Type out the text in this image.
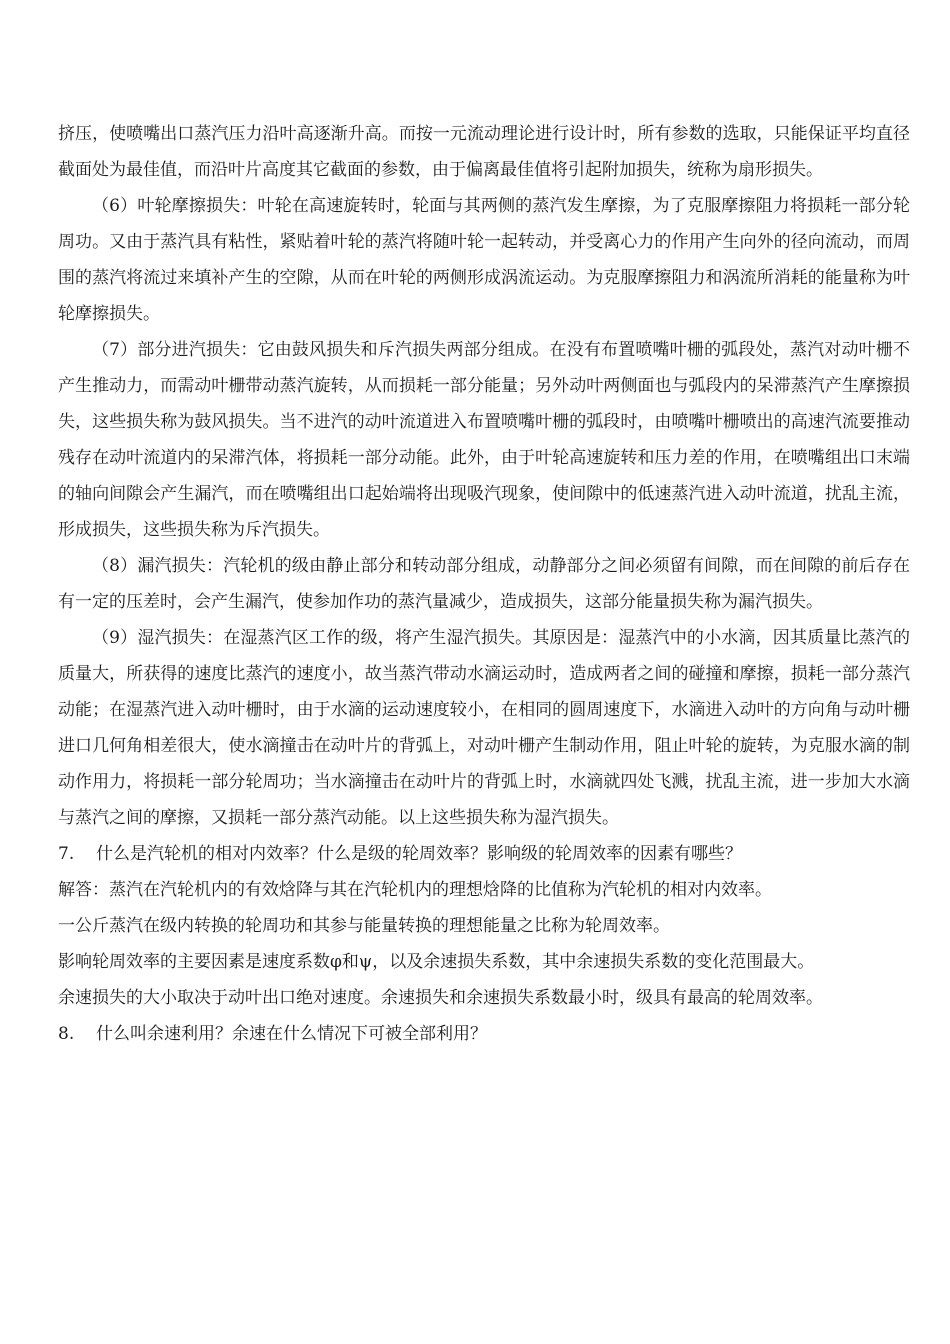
挤压，使喷嘴出口蒸汽压力沿叶高逐渐升高。而按一元流动理论进行设计时，所有参数的选取，只能保证平均直径截面处为最佳值，而沿叶片高度其它截面的参数，由于偏离最佳值将引起附加损失，统称为扇形损失。

（6）叶轮摩擦损失：叶轮在高速旋转时，轮面与其两侧的蒸汽发生摩擦，为了克服摩擦阻力将损耗一部分轮周功。又由于蒸汽具有粘性，紧贴着叶轮的蒸汽将随叶轮一起转动，并受离心力的作用产生向外的径向流动，而周围的蒸汽将流过来填补产生的空隙，从而在叶轮的两侧形成涡流运动。为克服摩擦阻力和涡流所消耗的能量称为叶轮摩擦损失。

（7）部分进汽损失：它由鼓风损失和斥汽损失两部分组成。在没有布置喷嘴叶栅的弧段处，蒸汽对动叶栅不产生推动力，而需动叶栅带动蒸汽旋转，从而损耗一部分能量；另外动叶两侧面也与弧段内的呆滞蒸汽产生摩擦损失，这些损失称为鼓风损失。当不进汽的动叶流道进入布置喷嘴叶栅的弧段时，由喷嘴叶栅喷出的高速汽流要推动残存在动叶流道内的呆滞汽体，将损耗一部分动能。此外，由于叶轮高速旋转和压力差的作用，在喷嘴组出口末端的轴向间隙会产生漏汽，而在喷嘴组出口起始端将出现吸汽现象，使间隙中的低速蒸汽进入动叶流道，扰乱主流，形成损失，这些损失称为斥汽损失。

（8）漏汽损失：汽轮机的级由静止部分和转动部分组成，动静部分之间必须留有间隙，而在间隙的前后存在有一定的压差时，会产生漏汽，使参加作功的蒸汽量减少，造成损失，这部分能量损失称为漏汽损失。

（9）湿汽损失：在湿蒸汽区工作的级，将产生湿汽损失。其原因是：湿蒸汽中的小水滴，因其质量比蒸汽的质量大，所获得的速度比蒸汽的速度小，故当蒸汽带动水滴运动时，造成两者之间的碰撞和摩擦，损耗一部分蒸汽动能；在湿蒸汽进入动叶栅时，由于水滴的运动速度较小，在相同的圆周速度下，水滴进入动叶的方向角与动叶栅进口几何角相差很大，使水滴撞击在动叶片的背弧上，对动叶栅产生制动作用，阻止叶轮的旋转，为克服水滴的制动作用力，将损耗一部分轮周功；当水滴撞击在动叶片的背弧上时，水滴就四处飞溅，扰乱主流，进一步加大水滴与蒸汽之间的摩擦，又损耗一部分蒸汽动能。以上这些损失称为湿汽损失。

7. 什么是汽轮机的相对内效率？什么是级的轮周效率？影响级的轮周效率的因素有哪些？

解答：蒸汽在汽轮机内的有效焓降与其在汽轮机内的理想焓降的比值称为汽轮机的相对内效率。

一公斤蒸汽在级内转换的轮周功和其参与能量转换的理想能量之比称为轮周效率。

影响轮周效率的主要因素是速度系数φ和ψ，以及余速损失系数，其中余速损失系数的变化范围最大。

余速损失的大小取决于动叶出口绝对速度。余速损失和余速损失系数最小时，级具有最高的轮周效率。

8. 什么叫余速利用？余速在什么情况下可被全部利用？
